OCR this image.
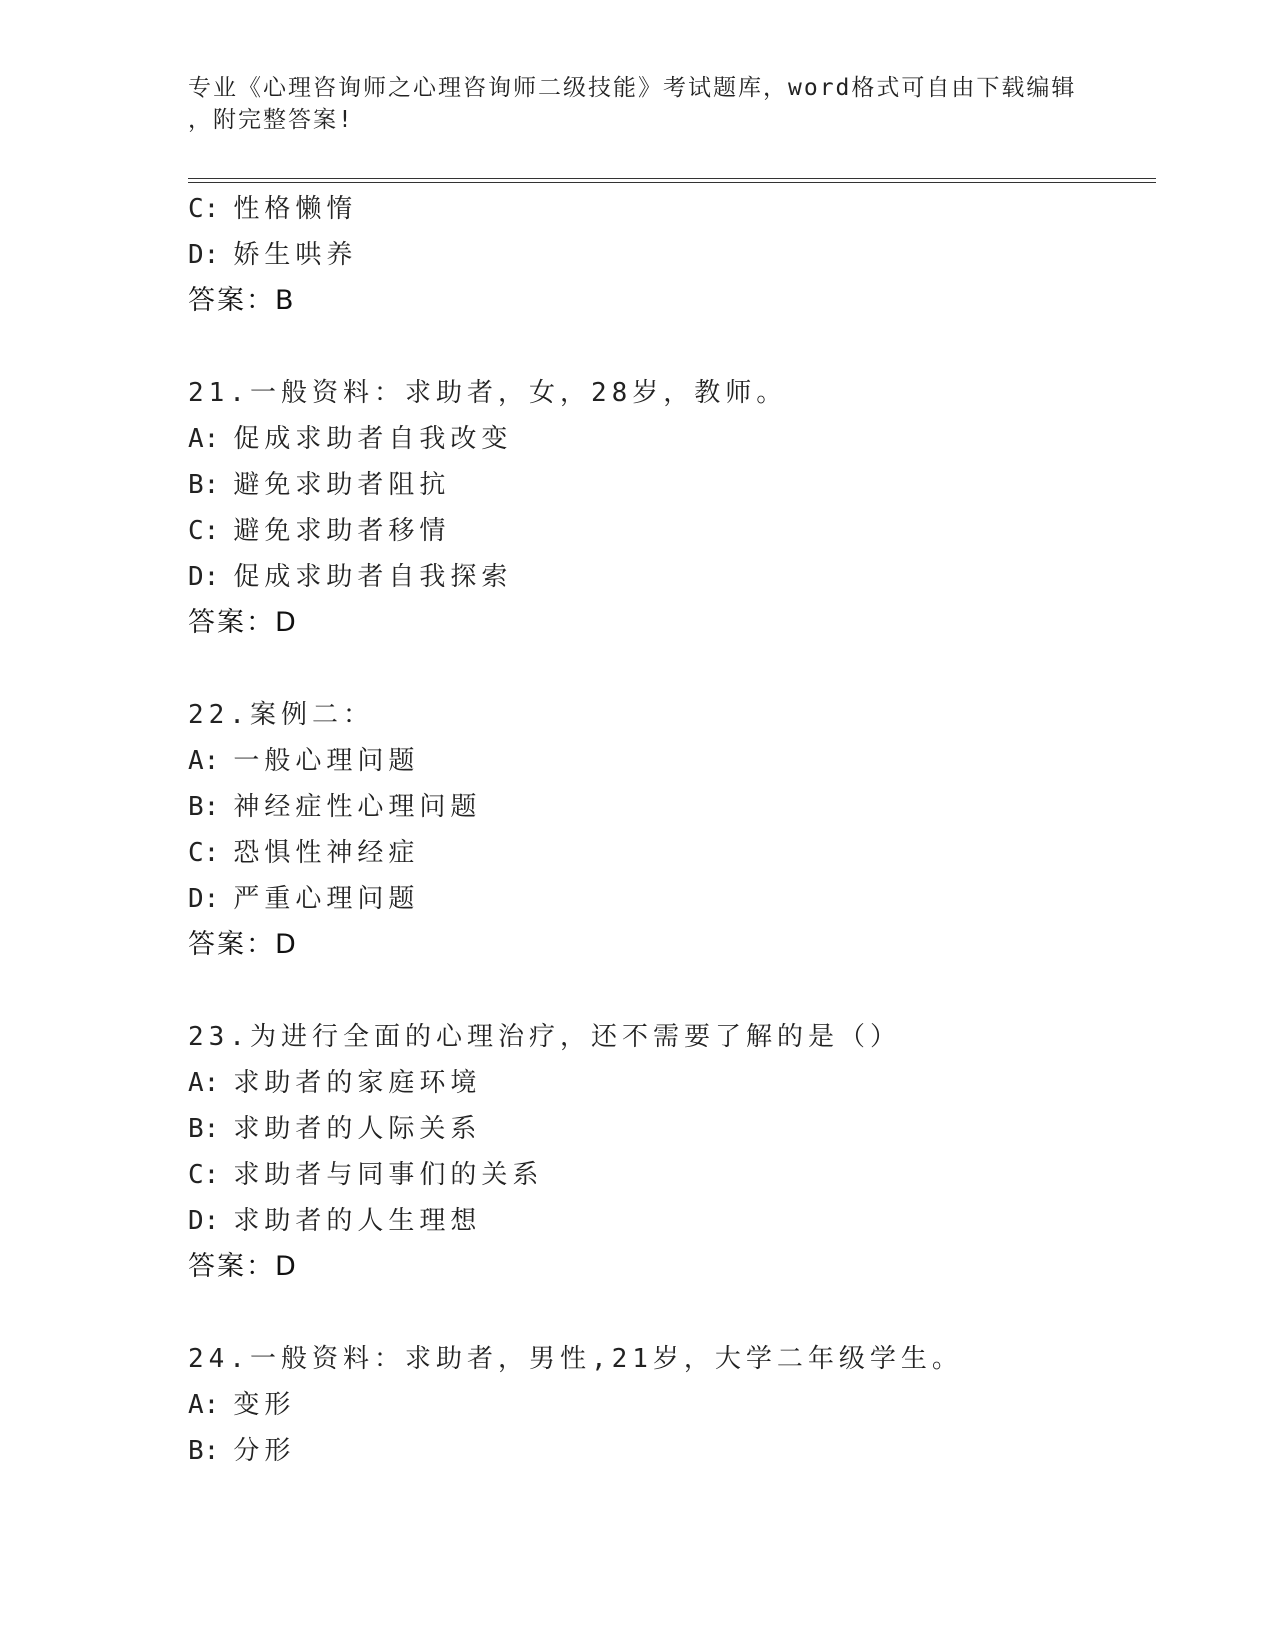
专业《心理咨询师之心理咨询师二级技能》考试题库，word格式可自由下载编辑
，附完整答案!
C: 性格懒惰
D: 娇生哄养
答案：B
21.一般资料：求助者，女，28岁，教师。
A: 促成求助者自我改变
B: 避免求助者阻抗
C: 避免求助者移情
D: 促成求助者自我探索
答案：D
22.案例二：
A: 一般心理问题
B: 神经症性心理问题
C: 恐惧性神经症
D: 严重心理问题
答案：D
23.为进行全面的心理治疗，还不需要了解的是（）
A: 求助者的家庭环境
B: 求助者的人际关系
C: 求助者与同事们的关系
D: 求助者的人生理想
答案：D
24.一般资料：求助者，男性,21岁，大学二年级学生。
A: 变形
B: 分形
